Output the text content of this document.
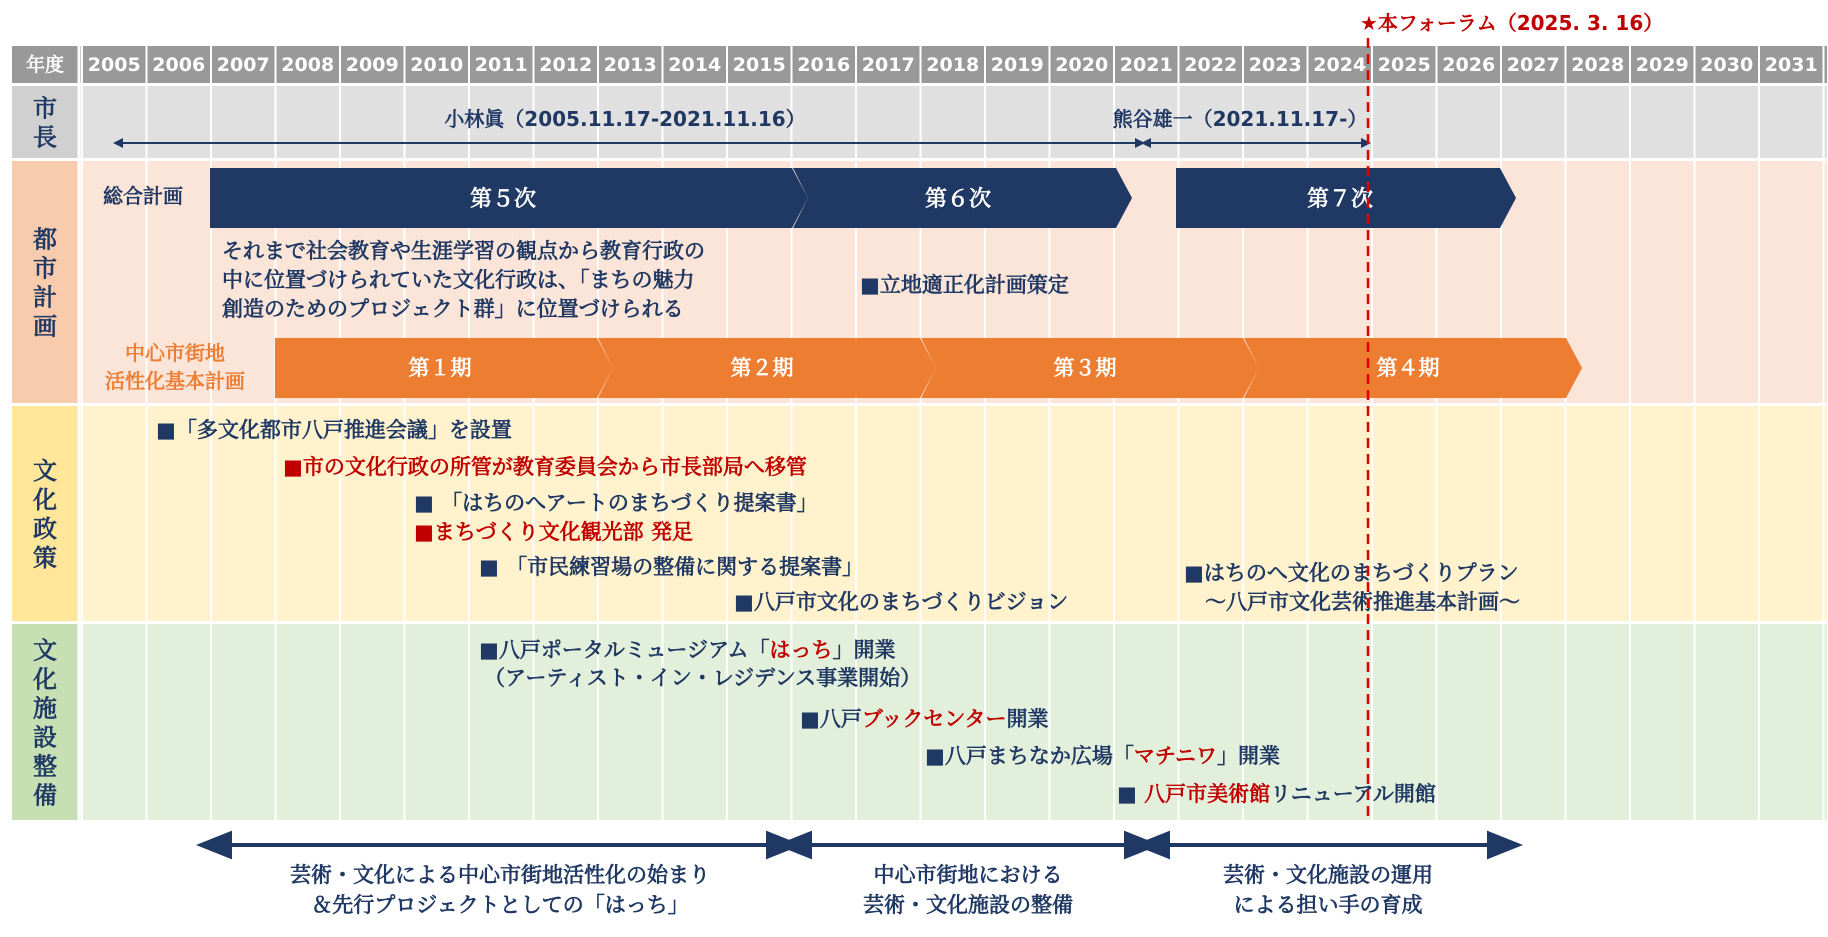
年度 2005 2006 2007 2008 2009 2010 2011 2012 2013 2014 2015 2016 2017 2018 2019 2020 2021 2022 2023 2024 2025 2026 2027 2028 2029 2030 2031
市
長
都
市
計
画
文
化
政
策
文
化
施
設
整
備
小林眞（2005.11.17-2021.11.16）	熊谷雄一（2021.11.17-）
総合計画	第５次	第６次	第７次
それまで社会教育や生涯学習の観点から教育行政の
中に位置づけられていた文化行政は、「まちの魅力
創造のためのプロジェクト群」に位置づけられる
■立地適正化計画策定
中心市街地
活性化基本計画
第１期	第２期	第３期	第４期
■「多文化都市八戸推進会議」を設置
■市の文化行政の所管が教育委員会から市長部局へ移管
■ 「はちのへアートのまちづくり提案書」
■まちづくり文化観光部 発足
■ 「市民練習場の整備に関する提案書」
■八戸市文化のまちづくりビジョン
■はちのへ文化のまちづくりプラン
～八戸市文化芸術推進基本計画～
■八戸ポータルミュージアム「はっち」開業
（アーティスト・イン・レジデンス事業開始）
■八戸ブックセンター開業
■八戸まちなか広場「マチニワ」開業
■ 八戸市美術館リニューアル開館
★本フォーラム（2025. 3. 16）
芸術・文化による中心市街地活性化の始まり
＆先行プロジェクトとしての「はっち」
中心市街地における
芸術・文化施設の整備
芸術・文化施設の運用
による担い手の育成
